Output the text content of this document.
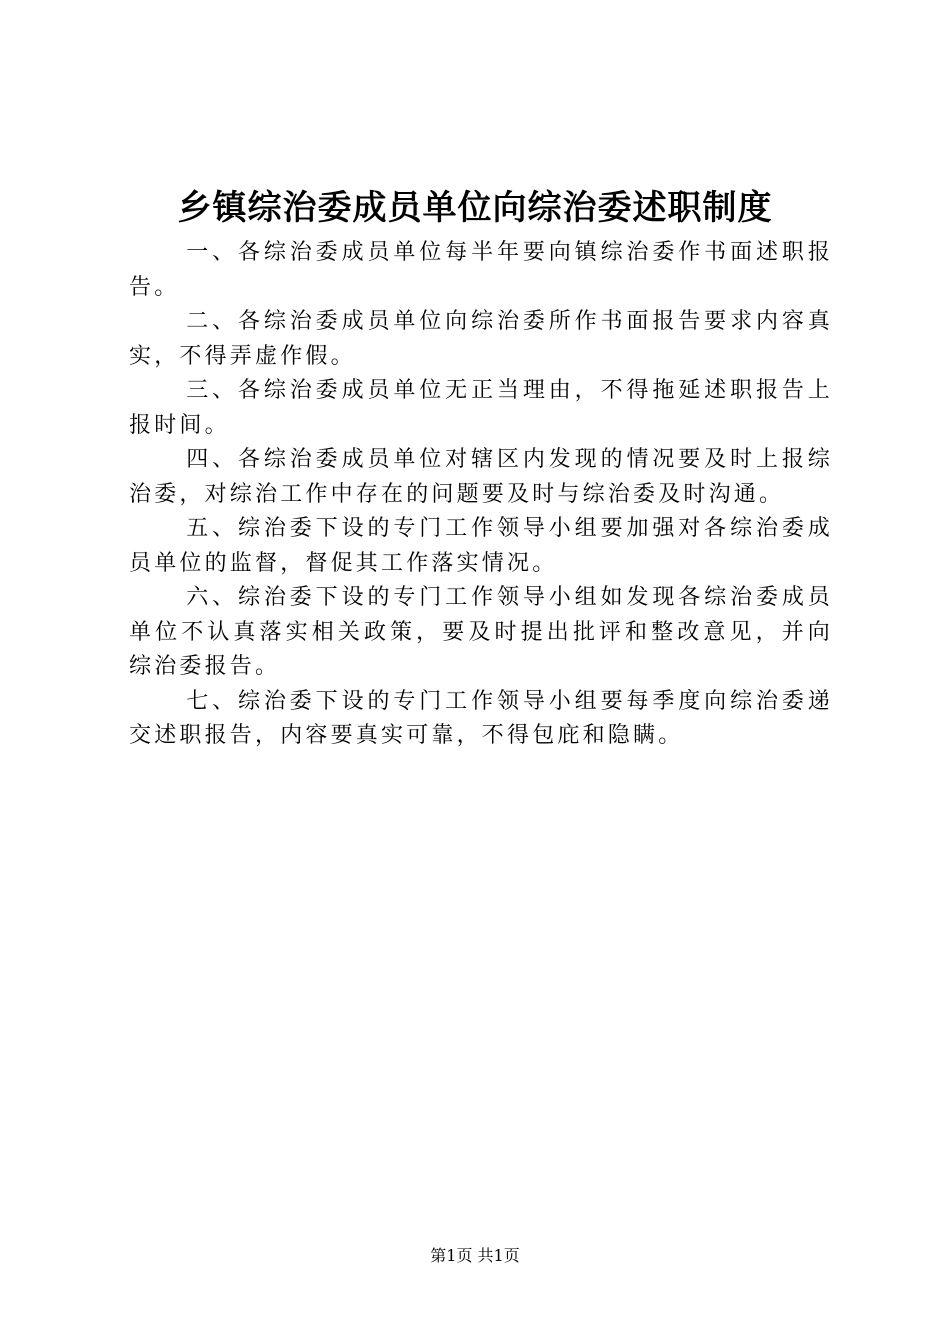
乡镇综治委成员单位向综治委述职制度

一、各综治委成员单位每半年要向镇综治委作书面述职报告。

二、各综治委成员单位向综治委所作书面报告要求内容真实，不得弄虚作假。

三、各综治委成员单位无正当理由，不得拖延述职报告上报时间。

四、各综治委成员单位对辖区内发现的情况要及时上报综治委，对综治工作中存在的问题要及时与综治委及时沟通。

五、综治委下设的专门工作领导小组要加强对各综治委成员单位的监督，督促其工作落实情况。

六、综治委下设的专门工作领导小组如发现各综治委成员单位不认真落实相关政策，要及时提出批评和整改意见，并向综治委报告。

七、综治委下设的专门工作领导小组要每季度向综治委递交述职报告，内容要真实可靠，不得包庇和隐瞒。

第1页 共1页
